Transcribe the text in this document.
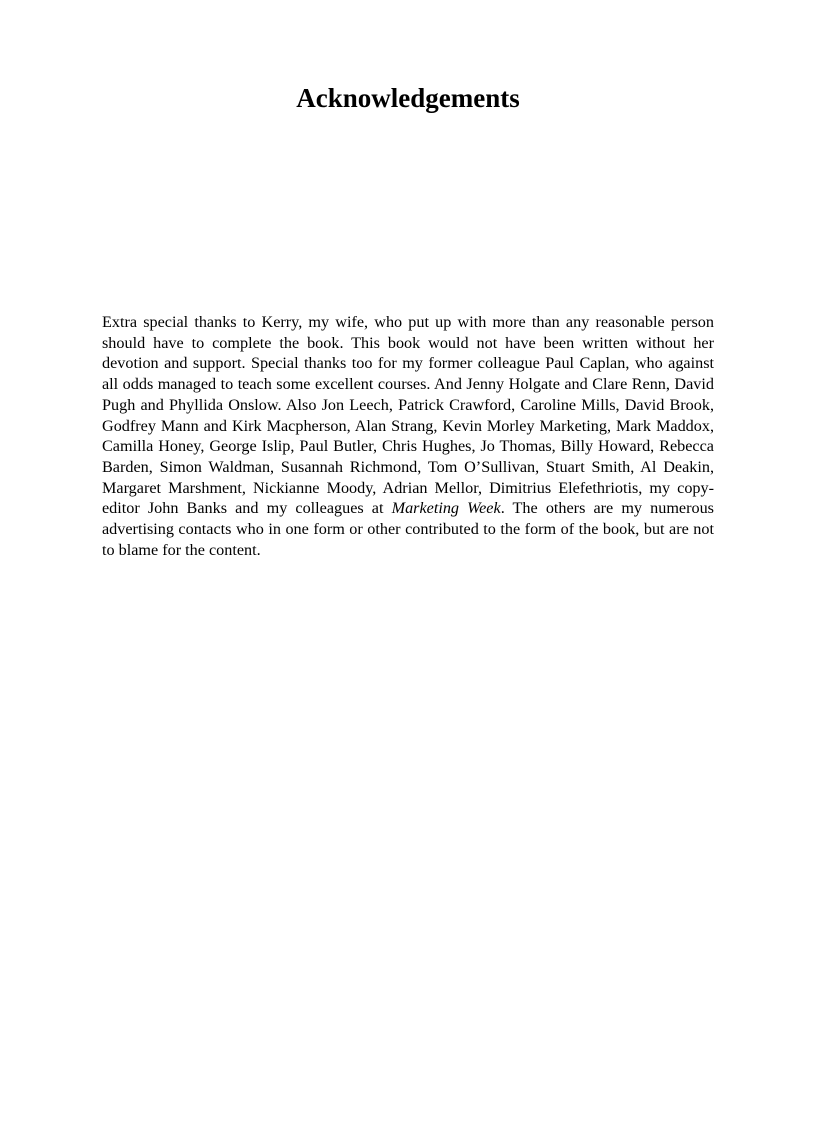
Acknowledgements

Extra special thanks to Kerry, my wife, who put up with more than any reasonable person should have to complete the book. This book would not have been written without her devotion and support. Special thanks too for my former colleague Paul Caplan, who against all odds managed to teach some excellent courses. And Jenny Holgate and Clare Renn, David Pugh and Phyllida Onslow. Also Jon Leech, Patrick Crawford, Caroline Mills, David Brook, Godfrey Mann and Kirk Macpherson, Alan Strang, Kevin Morley Marketing, Mark Maddox, Camilla Honey, George Islip, Paul Butler, Chris Hughes, Jo Thomas, Billy Howard, Rebecca Barden, Simon Waldman, Susannah Richmond, Tom O’Sullivan, Stuart Smith, Al Deakin, Margaret Marshment, Nickianne Moody, Adrian Mellor, Dimitrius Elefethriotis, my copy-editor John Banks and my colleagues at Marketing Week. The others are my numerous advertising contacts who in one form or other contributed to the form of the book, but are not to blame for the content.
